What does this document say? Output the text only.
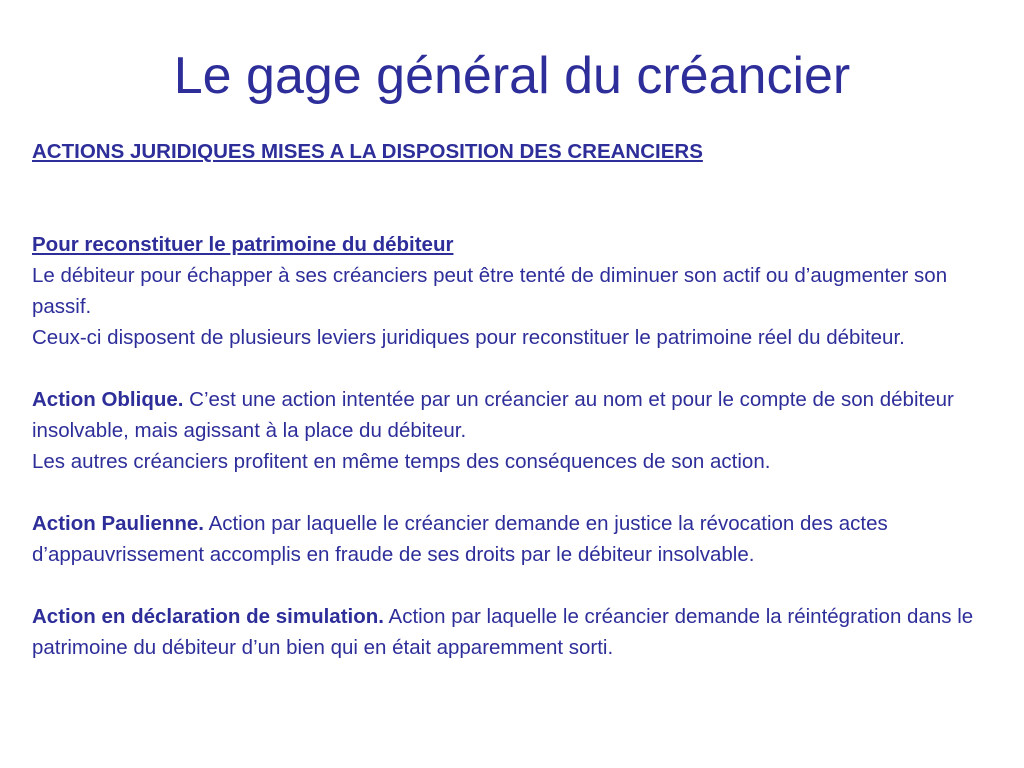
Le gage général du créancier

ACTIONS JURIDIQUES MISES A LA DISPOSITION DES CREANCIERS

Pour reconstituer le patrimoine du débiteur

Le débiteur pour échapper à ses créanciers peut être tenté de diminuer son actif ou d’augmenter son passif.

Ceux-ci disposent de plusieurs leviers juridiques pour reconstituer le patrimoine réel du débiteur.

Action Oblique. C’est une action intentée par un créancier au nom et pour le compte de son débiteur insolvable, mais agissant à la place du débiteur.

Les autres créanciers profitent en même temps des conséquences de son action.

Action Paulienne. Action par laquelle le créancier demande en justice la révocation des actes d’appauvrissement accomplis en fraude de ses droits par le débiteur insolvable.

Action en déclaration de simulation. Action par laquelle le créancier demande la réintégration dans le patrimoine du débiteur d’un bien qui en était apparemment sorti.
